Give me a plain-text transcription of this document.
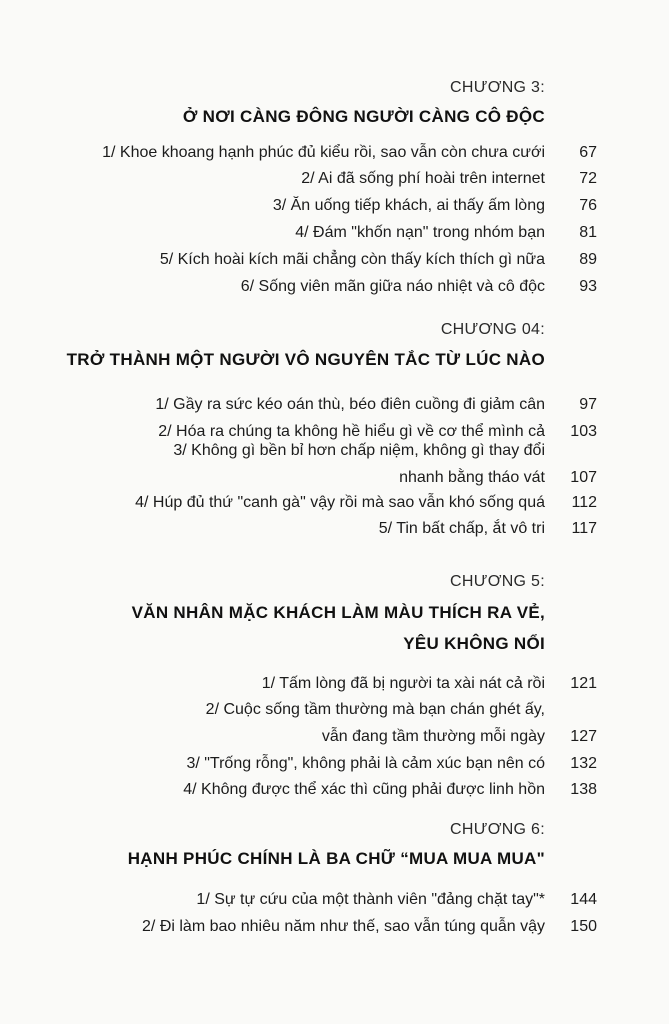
CHƯƠNG 3:
Ở NƠI CÀNG ĐÔNG NGƯỜI CÀNG CÔ ĐỘC
1/ Khoe khoang hạnh phúc đủ kiểu rồi, sao vẫn còn chưa cưới 67
2/ Ai đã sống phí hoài trên internet 72
3/ Ăn uống tiếp khách, ai thấy ấm lòng 76
4/ Đám "khốn nạn" trong nhóm bạn 81
5/ Kích hoài kích mãi chẳng còn thấy kích thích gì nữa 89
6/ Sống viên mãn giữa náo nhiệt và cô độc 93
CHƯƠNG 04:
TRỞ THÀNH MỘT NGƯỜI VÔ NGUYÊN TẮC TỪ LÚC NÀO
1/ Gầy ra sức kéo oán thù, béo điên cuồng đi giảm cân 97
2/ Hóa ra chúng ta không hề hiểu gì về cơ thể mình cả 103
3/ Không gì bền bỉ hơn chấp niệm, không gì thay đổi
nhanh bằng tháo vát 107
4/ Húp đủ thứ "canh gà" vậy rồi mà sao vẫn khó sống quá 112
5/ Tin bất chấp, ắt vô tri 117
CHƯƠNG 5:
VĂN NHÂN MẶC KHÁCH LÀM MÀU THÍCH RA VẺ,
YÊU KHÔNG NỔI
1/ Tấm lòng đã bị người ta xài nát cả rồi 121
2/ Cuộc sống tầm thường mà bạn chán ghét ấy,
vẫn đang tầm thường mỗi ngày 127
3/ "Trống rỗng", không phải là cảm xúc bạn nên có 132
4/ Không được thể xác thì cũng phải được linh hồn 138
CHƯƠNG 6:
HẠNH PHÚC CHÍNH LÀ BA CHỮ “MUA MUA MUA"
1/ Sự tự cứu của một thành viên "đảng chặt tay"* 144
2/ Đi làm bao nhiêu năm như thế, sao vẫn túng quẫn vậy 150
